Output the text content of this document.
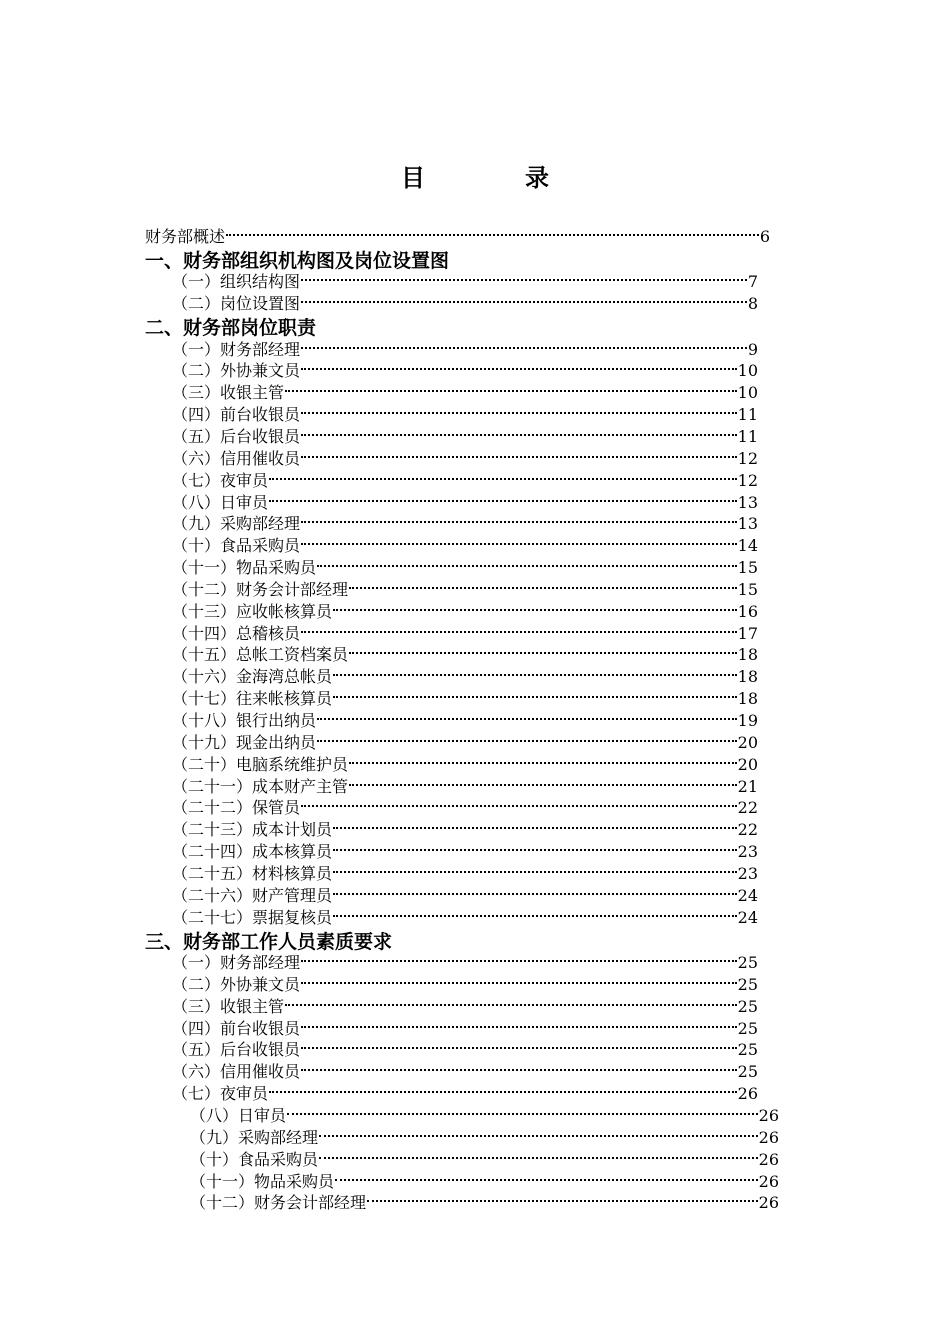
目　录
财务部概述	6
一、财务部组织机构图及岗位设置图
（一）组织结构图	7
（二）岗位设置图	8
二、财务部岗位职责
（一）财务部经理	9
（二）外协兼文员	10
（三）收银主管	10
（四）前台收银员	11
（五）后台收银员	11
（六）信用催收员	12
（七）夜审员	12
（八）日审员	13
（九）采购部经理	13
（十）食品采购员	14
（十一）物品采购员	15
（十二）财务会计部经理	15
（十三）应收帐核算员	16
（十四）总稽核员	17
（十五）总帐工资档案员	18
（十六）金海湾总帐员	18
（十七）往来帐核算员	18
（十八）银行出纳员	19
（十九）现金出纳员	20
（二十）电脑系统维护员	20
（二十一）成本财产主管	21
（二十二）保管员	22
（二十三）成本计划员	22
（二十四）成本核算员	23
（二十五）材料核算员	23
（二十六）财产管理员	24
（二十七）票据复核员	24
三、财务部工作人员素质要求
（一）财务部经理	25
（二）外协兼文员	25
（三）收银主管	25
（四）前台收银员	25
（五）后台收银员	25
（六）信用催收员	25
（七）夜审员	26
（八）日审员	26
（九）采购部经理	26
（十）食品采购员	26
（十一）物品采购员	26
（十二）财务会计部经理	26
